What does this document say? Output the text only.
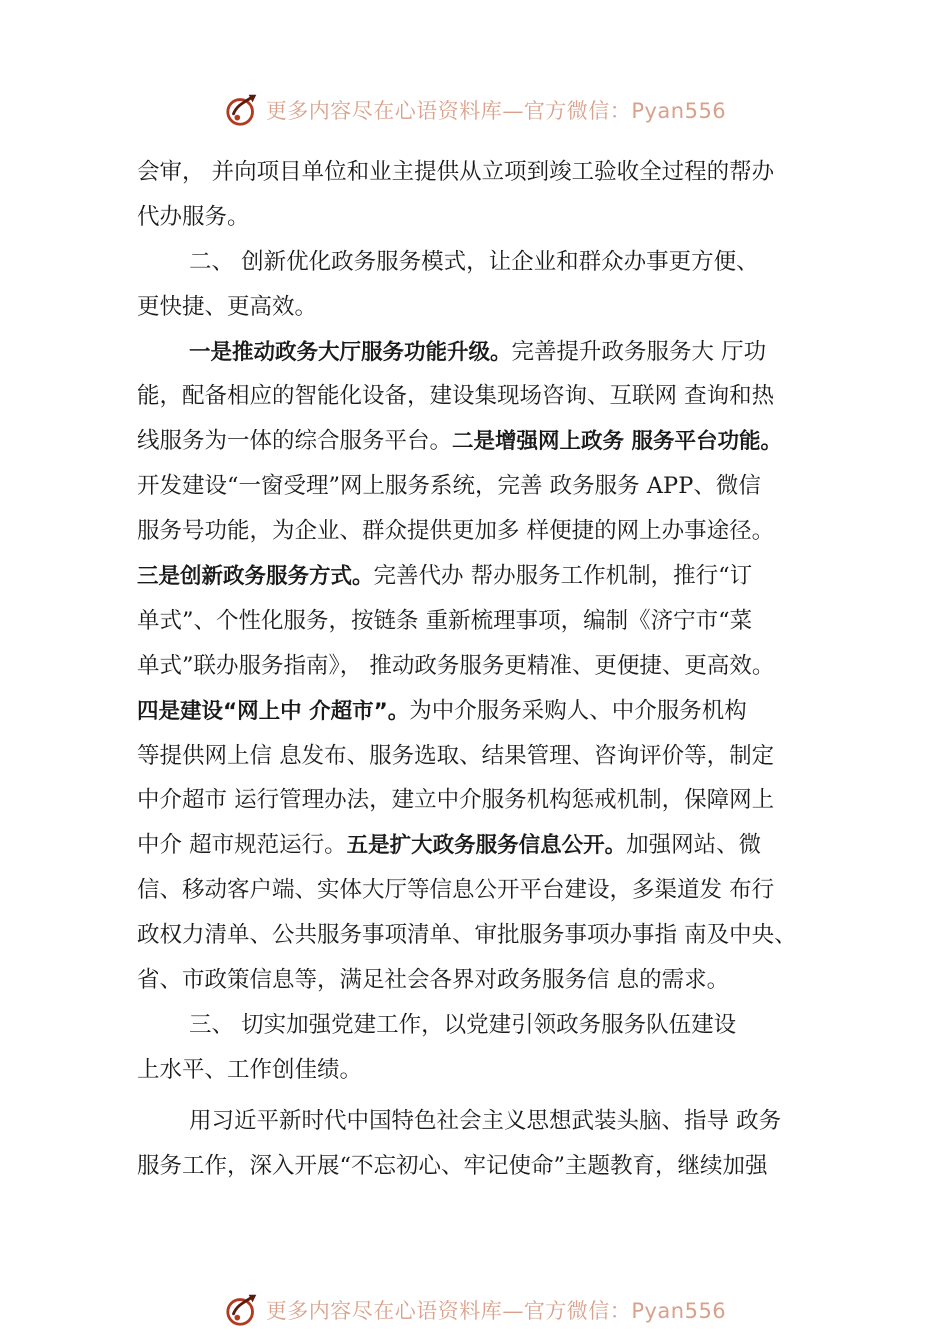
更多内容尽在心语资料库—官方微信：Pyan556
会审， 并向项目单位和业主提供从立项到竣工验收全过程的帮办
代办服务。
二、 创新优化政务服务模式，让企业和群众办事更方便、
更快捷、更高效。
一是推动政务大厅服务功能升级。完善提升政务服务大 厅功
能，配备相应的智能化设备，建设集现场咨询、互联网 查询和热
线服务为一体的综合服务平台。二是增强网上政务 服务平台功能。
开发建设“一窗受理”网上服务系统，完善 政务服务 APP、微信
服务号功能，为企业、群众提供更加多 样便捷的网上办事途径。
三是创新政务服务方式。完善代办 帮办服务工作机制，推行“订
单式”、个性化服务，按链条 重新梳理事项，编制《济宁市“菜
单式”联办服务指南》， 推动政务服务更精准、更便捷、更高效。
四是建设“网上中 介超市”。为中介服务采购人、中介服务机构
等提供网上信 息发布、服务选取、结果管理、咨询评价等，制定
中介超市 运行管理办法，建立中介服务机构惩戒机制，保障网上
中介 超市规范运行。五是扩大政务服务信息公开。加强网站、微
信、移动客户端、实体大厅等信息公开平台建设，多渠道发 布行
政权力清单、公共服务事项清单、审批服务事项办事指 南及中央、
省、市政策信息等，满足社会各界对政务服务信 息的需求。
三、 切实加强党建工作，以党建引领政务服务队伍建设
上水平、工作创佳绩。
用习近平新时代中国特色社会主义思想武装头脑、指导 政务
服务工作，深入开展“不忘初心、牢记使命”主题教育，继续加强
更多内容尽在心语资料库—官方微信：Pyan556
